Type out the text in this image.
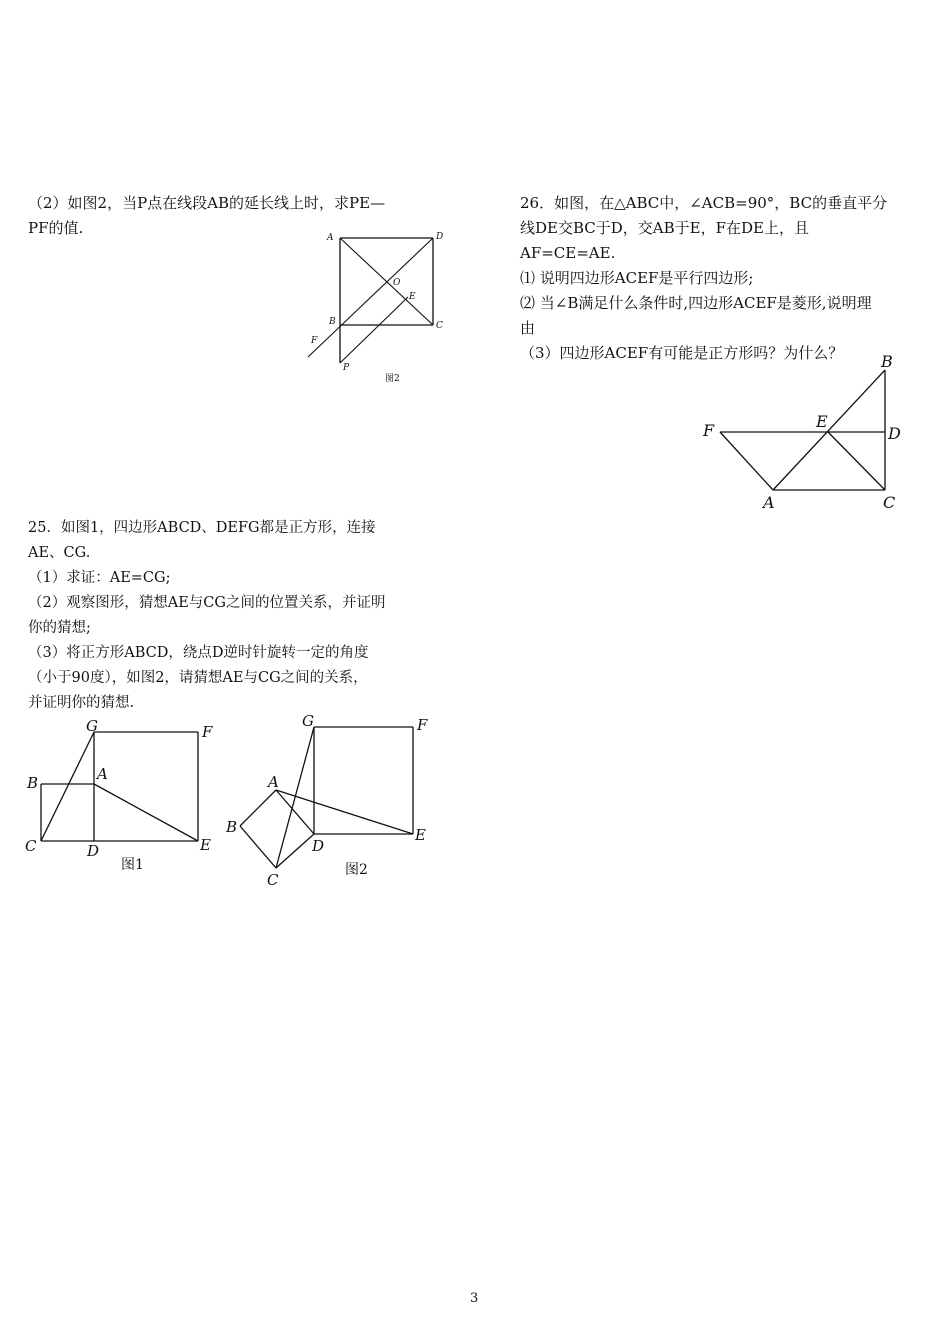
（2）如图2，当P点在线段AB的延长线上时，求PE—
PF的值.
A	D
O
E
B	C
F
P
图2
26．如图，在△ABC中，∠ACB=90°，BC的垂直平分
线DE交BC于D，交AB于E，F在DE上，且
AF=CE=AE.
⑴ 说明四边形ACEF是平行四边形;
⑵ 当∠B满足什么条件时,四边形ACEF是菱形,说明理
由
（3）四边形ACEF有可能是正方形吗？为什么？ B
F	E
D
A	C
25．如图1，四边形ABCD、DEFG都是正方形，连接
AE、CG.
（1）求证：AE=CG;
（2）观察图形，猜想AE与CG之间的位置关系，并证明
你的猜想;
（3）将正方形ABCD，绕点D逆时针旋转一定的角度
（小于90度），如图2，请猜想AE与CG之间的关系，
并证明你的猜想.
G	F
B	A
C	D	E
图1
G	F
A
B
D
E
C
图2
3
